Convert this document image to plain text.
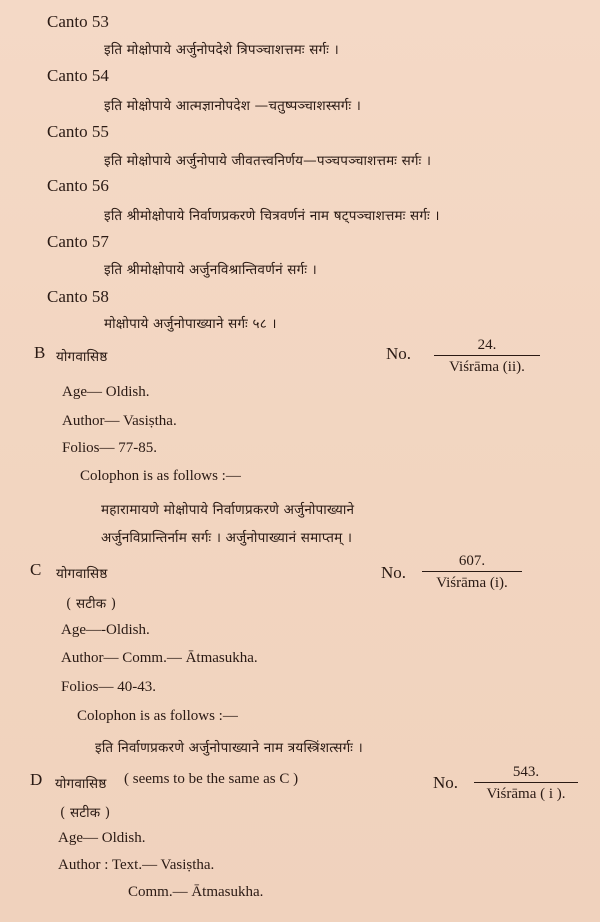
Canto 53
इति मोक्षोपाये अर्जुनोपदेशे त्रिपञ्चाशत्तमः सर्गः ।
Canto 54
इति मोक्षोपाये आत्मज्ञानोपदेश —चतुष्पञ्चाशस्सर्गः ।
Canto 55
इति मोक्षोपाये अर्जुनोपाये जीवतत्त्वनिर्णय—पञ्चपञ्चाशत्तमः सर्गः ।
Canto 56
इति श्रीमोक्षोपाये निर्वाणप्रकरणे चित्रवर्णनं नाम षट्पञ्चाशत्तमः सर्गः ।
Canto 57
इति श्रीमोक्षोपाये अर्जुनविश्रान्तिवर्णनं सर्गः ।
Canto 58
मोक्षोपाये अर्जुनोपाख्याने सर्गः ५८ ।
B योगवासिष्ठ	No.	24.
Viśrāma (ii).
Age— Oldish.
Author— Vasiṣtha.
Folios— 77-85.
Colophon is as follows :—
महारामायणे मोक्षोपाये निर्वाणप्रकरणे अर्जुनोपाख्याने
अर्जुनविप्रान्तिर्नाम सर्गः । अर्जुनोपाख्यानं समाप्तम् ।
C योगवासिष्ठ	No.
607.
Viśrāma (i).
( सटीक )
Age—-Oldish.
Author— Comm.— Ātmasukha.
Folios— 40-43.
Colophon is as follows :—
इति निर्वाणप्रकरणे अर्जुनोपाख्याने नाम त्रयस्त्रिंशत्सर्गः ।
D योगवासिष्ठ ( seems to be the same as C )	No.
543.
Viśrāma ( i ).
( सटीक )
Age— Oldish.
Author : Text.— Vasiṣtha.
Comm.— Ātmasukha.
